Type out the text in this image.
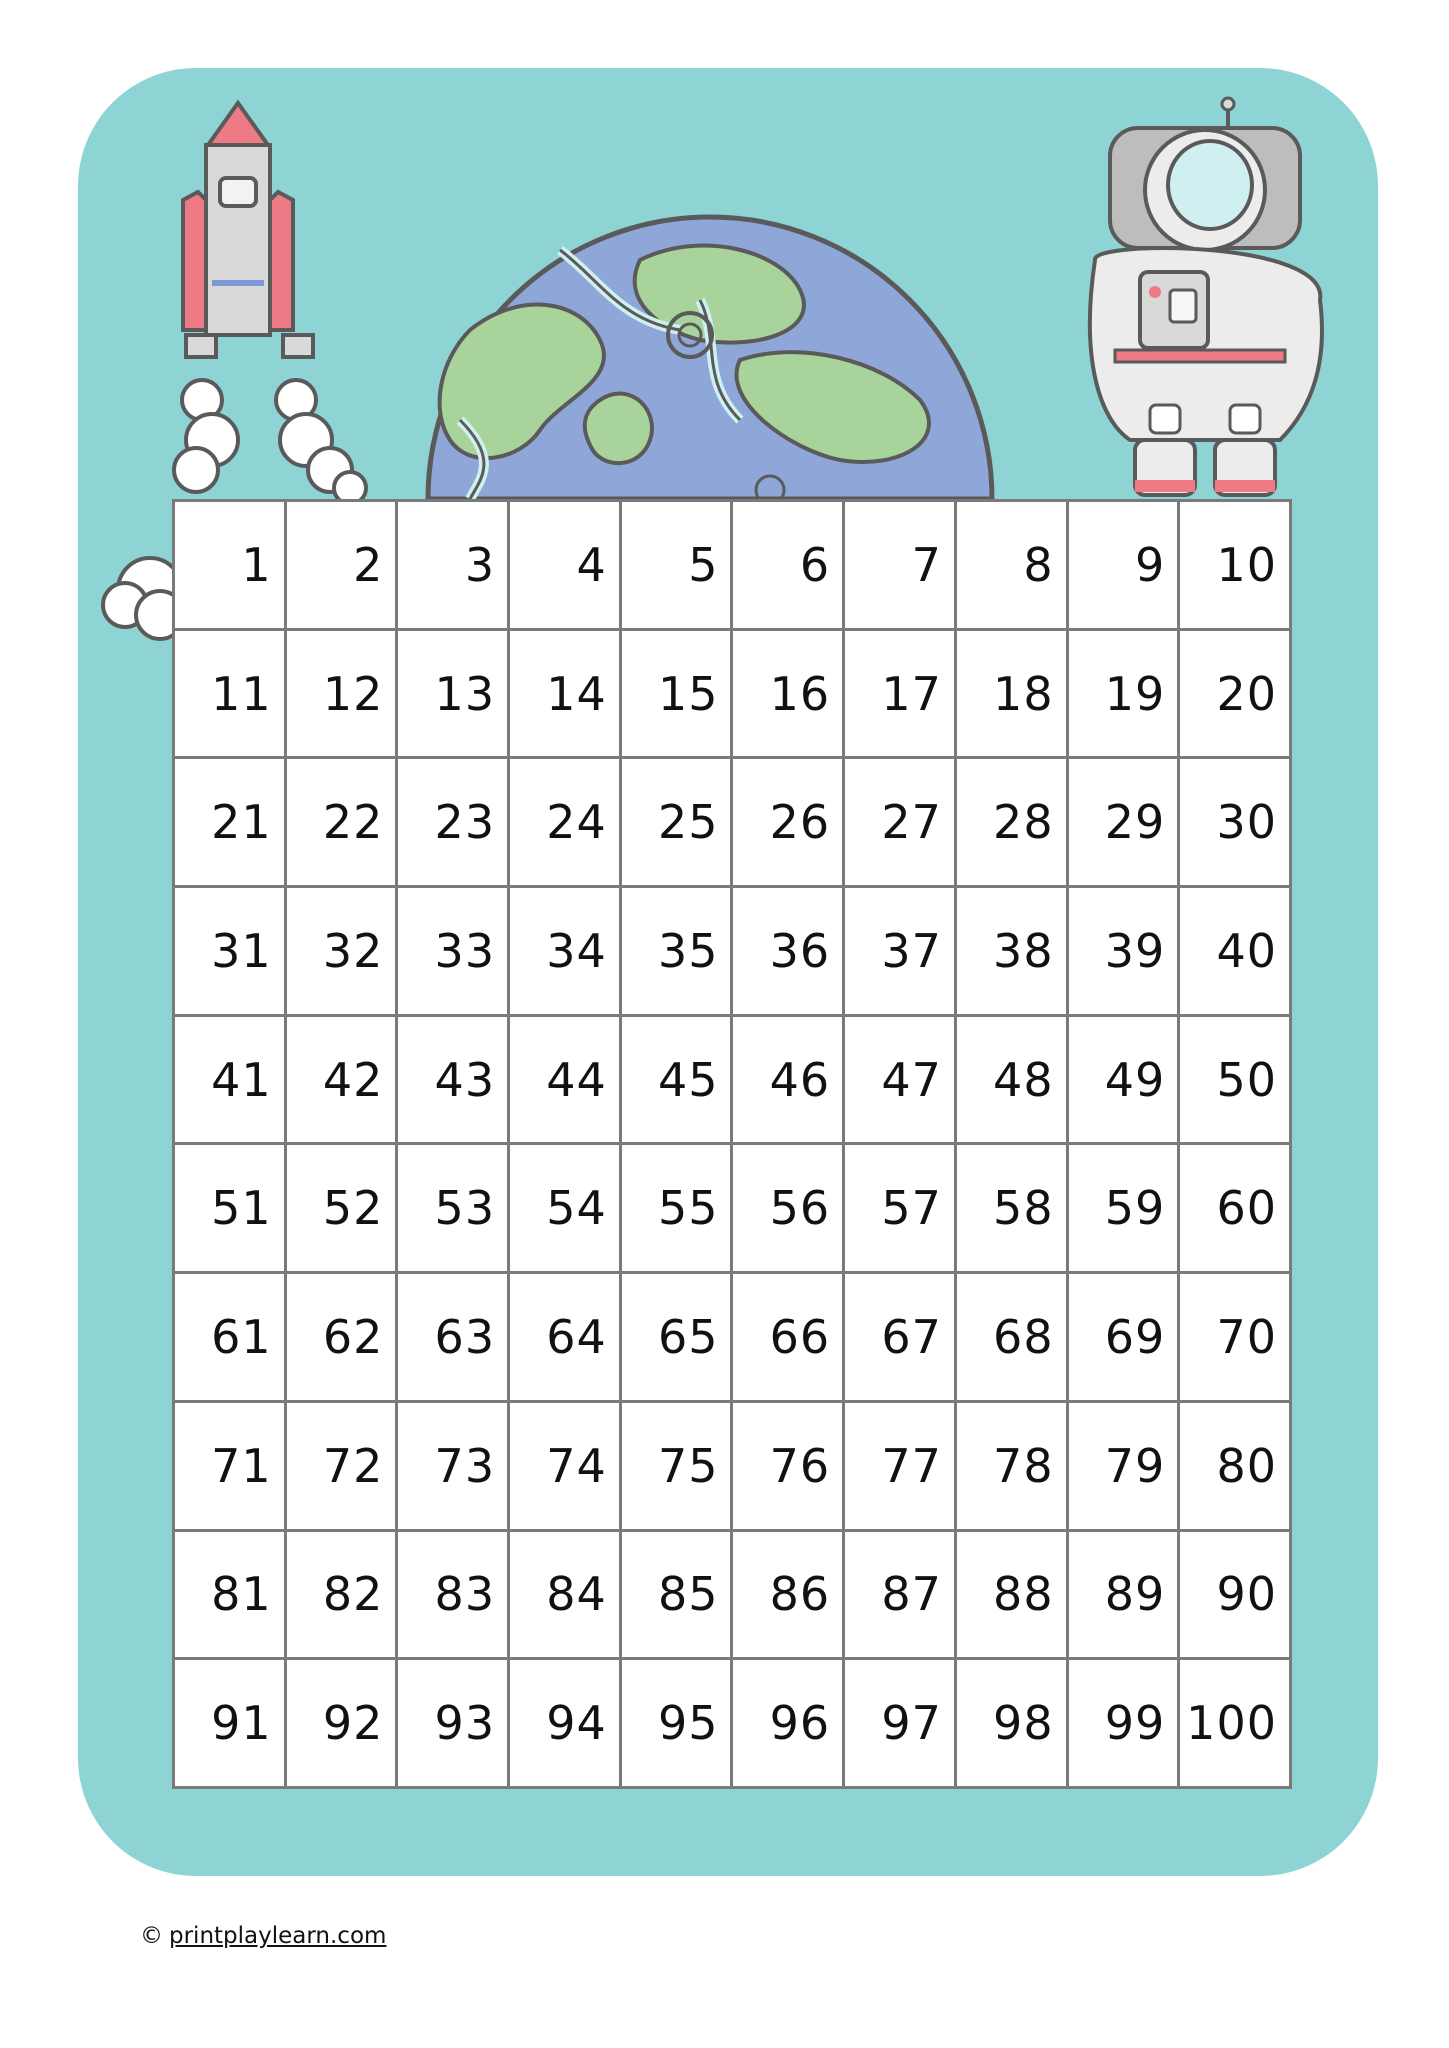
1	2	3	4	5	6	7	8	9	10
11	12	13	14	15	16	17	18	19	20
21	22	23	24	25	26	27	28	29	30
31	32	33	34	35	36	37	38	39	40
41	42	43	44	45	46	47	48	49	50
51	52	53	54	55	56	57	58	59	60
61	62	63	64	65	66	67	68	69	70
71	72	73	74	75	76	77	78	79	80
81	82	83	84	85	86	87	88	89	90
91	92	93	94	95	96	97	98	99 100
© printplaylearn.com
